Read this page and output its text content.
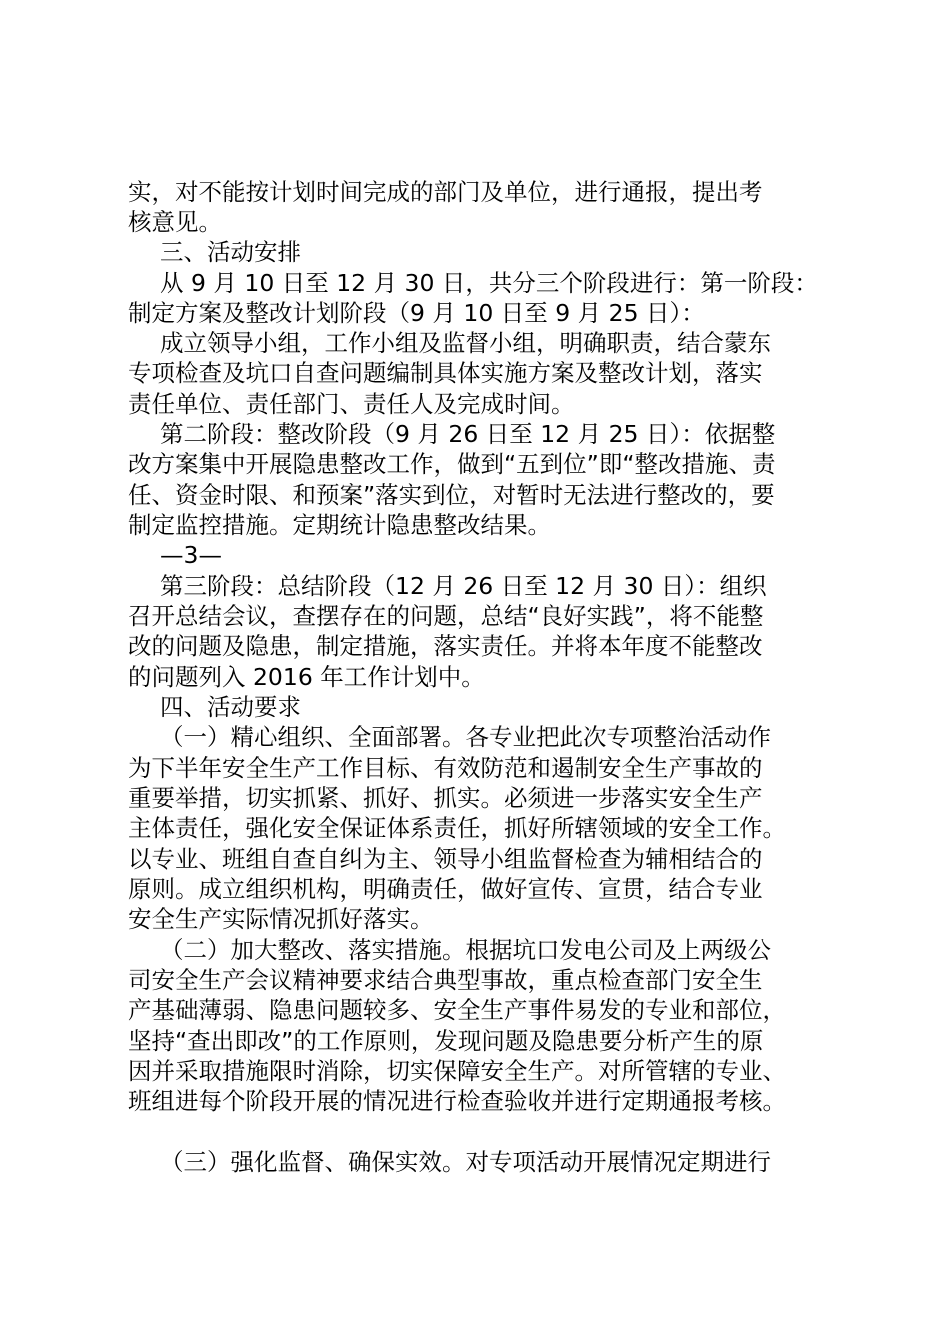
实，对不能按计划时间完成的部门及单位，进行通报，提出考
核意见。
三、活动安排
从 9 月 10 日至 12 月 30 日，共分三个阶段进行：第一阶段：
制定方案及整改计划阶段（9 月 10 日至 9 月 25 日）：
成立领导小组，工作小组及监督小组，明确职责，结合蒙东
专项检查及坑口自查问题编制具体实施方案及整改计划，落实
责任单位、责任部门、责任人及完成时间。
第二阶段：整改阶段（9 月 26 日至 12 月 25 日）：依据整
改方案集中开展隐患整改工作，做到“五到位”即“整改措施、责
任、资金时限、和预案”落实到位，对暂时无法进行整改的，要
制定监控措施。定期统计隐患整改结果。
—3—
第三阶段：总结阶段（12 月 26 日至 12 月 30 日）：组织
召开总结会议，查摆存在的问题，总结“良好实践”，将不能整
改的问题及隐患，制定措施，落实责任。并将本年度不能整改
的问题列入 2016 年工作计划中。
四、活动要求
（一）精心组织、全面部署。各专业把此次专项整治活动作
为下半年安全生产工作目标、有效防范和遏制安全生产事故的
重要举措，切实抓紧、抓好、抓实。必须进一步落实安全生产
主体责任，强化安全保证体系责任，抓好所辖领域的安全工作。
以专业、班组自查自纠为主、领导小组监督检查为辅相结合的
原则。成立组织机构，明确责任，做好宣传、宣贯，结合专业
安全生产实际情况抓好落实。
（二）加大整改、落实措施。根据坑口发电公司及上两级公
司安全生产会议精神要求结合典型事故，重点检查部门安全生
产基础薄弱、隐患问题较多、安全生产事件易发的专业和部位，
坚持“查出即改”的工作原则，发现问题及隐患要分析产生的原
因并采取措施限时消除，切实保障安全生产。对所管辖的专业、
班组进每个阶段开展的情况进行检查验收并进行定期通报考核。
（三）强化监督、确保实效。对专项活动开展情况定期进行
